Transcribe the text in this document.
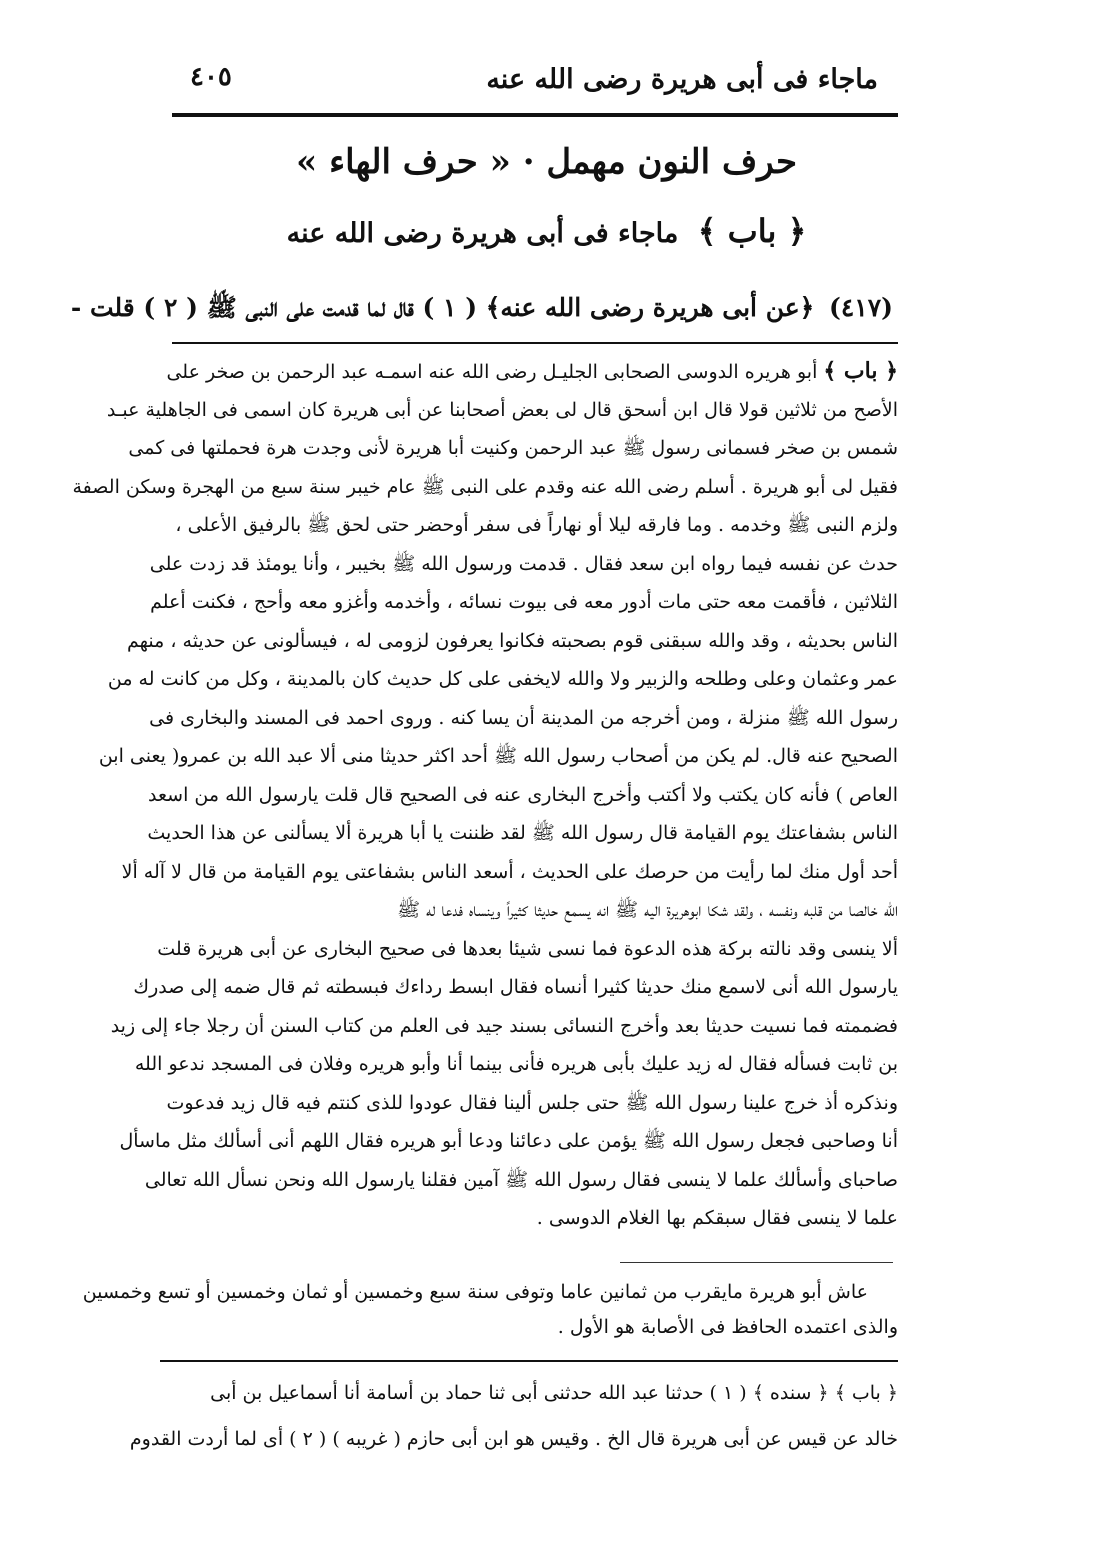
ماجاء فى أبى هريرة رضى الله عنه
٤٠٥
حرف النون مهمل · « حرف الهاء »
﴿ باب ﴾ ماجاء فى أبى هريرة رضى الله عنه
(٤١٧) ﴿عن أبى هريرة رضى الله عنه﴾ ( ١ ) قال لما قدمت على النبى ﷺ ( ٢ ) قلت -
﴿ باب ﴾أبو هريره الدوسى الصحابى الجليـل رضى الله عنه اسمـه عبد الرحمن بن صخر على
الأصح من ثلاثين قولا قال ابن أسحق قال لى بعض أصحابنا عن أبى هريرة كان اسمى فى الجاهلية عبـد
شمس بن صخر فسمانى رسول ﷺ عبد الرحمن وكنيت أبا هريرة لأنى وجدت هرة فحملتها فى كمى
فقيل لى أبو هريرة . أسلم رضى الله عنه وقدم على النبى ﷺ عام خيبر سنة سبع من الهجرة وسكن الصفة
ولزم النبى ﷺ وخدمه . وما فارقه ليلا أو نهاراً فى سفر أوحضر حتى لحق ﷺ بالرفيق الأعلى ،
حدث عن نفسه فيما رواه ابن سعد فقال . قدمت ورسول الله ﷺ بخيبر ، وأنا يومئذ قد زدت على
الثلاثين ، فأقمت معه حتى مات أدور معه فى بيوت نسائه ، وأخدمه وأغزو معه وأحج ، فكنت أعلم
الناس بحديثه ، وقد والله سبقنى قوم بصحبته فكانوا يعرفون لزومى له ، فيسألونى عن حديثه ، منهم
عمر وعثمان وعلى وطلحه والزبير ولا والله لايخفى على كل حديث كان بالمدينة ، وكل من كانت له من
رسول الله ﷺ منزلة ، ومن أخرجه من المدينة أن يسا كنه . وروى احمد فى المسند والبخارى فى
الصحيح عنه قال. لم يكن من أصحاب رسول الله ﷺ أحد اكثر حديثا منى ألا عبد الله بن عمرو( يعنى ابن
العاص ) فأنه كان يكتب ولا أكتب وأخرج البخارى عنه فى الصحيح قال قلت يارسول الله من اسعد
الناس بشفاعتك يوم القيامة قال رسول الله ﷺ لقد ظننت يا أبا هريرة ألا يسألنى عن هذا الحديث
أحد أول منك لما رأيت من حرصك على الحديث ، أسعد الناس بشفاعتى يوم القيامة من قال لا آله ألا
الله خالصا من قلبه ونفسه ، ولقد شكا ابوهريرة اليه ﷺ انه يسمع حديثا كثيراً وينساه فدعا له ﷺ
ألا ينسى وقد نالته بركة هذه الدعوة فما نسى شيئا بعدها فى صحيح البخارى عن أبى هريرة قلت
يارسول الله أنى لاسمع منك حديثا كثيرا أنساه فقال ابسط رداءك فبسطته ثم قال ضمه إلى صدرك
فضممته فما نسيت حديثا بعد وأخرج النسائى بسند جيد فى العلم من كتاب السنن أن رجلا جاء إلى زيد
بن ثابت فسأله فقال له زيد عليك بأبى هريره فأنى بينما أنا وأبو هريره وفلان فى المسجد ندعو الله
ونذكره أذ خرج علينا رسول الله ﷺ حتى جلس ألينا فقال عودوا للذى كنتم فيه قال زيد فدعوت
أنا وصاحبى فجعل رسول الله ﷺ يؤمن على دعائنا ودعا أبو هريره فقال اللهم أنى أسألك مثل ماسأل
صاحباى وأسألك علما لا ينسى فقال رسول الله ﷺ آمين فقلنا يارسول الله ونحن نسأل الله تعالى
علما لا ينسى فقال سبقكم بها الغلام الدوسى .
عاش أبو هريرة مايقرب من ثمانين عاما وتوفى سنة سبع وخمسين أو ثمان وخمسين أو تسع وخمسين
والذى اعتمده الحافظ فى الأصابة هو الأول .
﴿ باب ﴾ ﴿ سنده ﴾ ( ١ ) حدثنا عبد الله حدثنى أبى ثنا حماد بن أسامة أنا أسماعيل بن أبى
خالد عن قيس عن أبى هريرة قال الخ . وقيس هو ابن أبى حازم ( غريبه ) ( ٢ ) أى لما أردت القدوم
